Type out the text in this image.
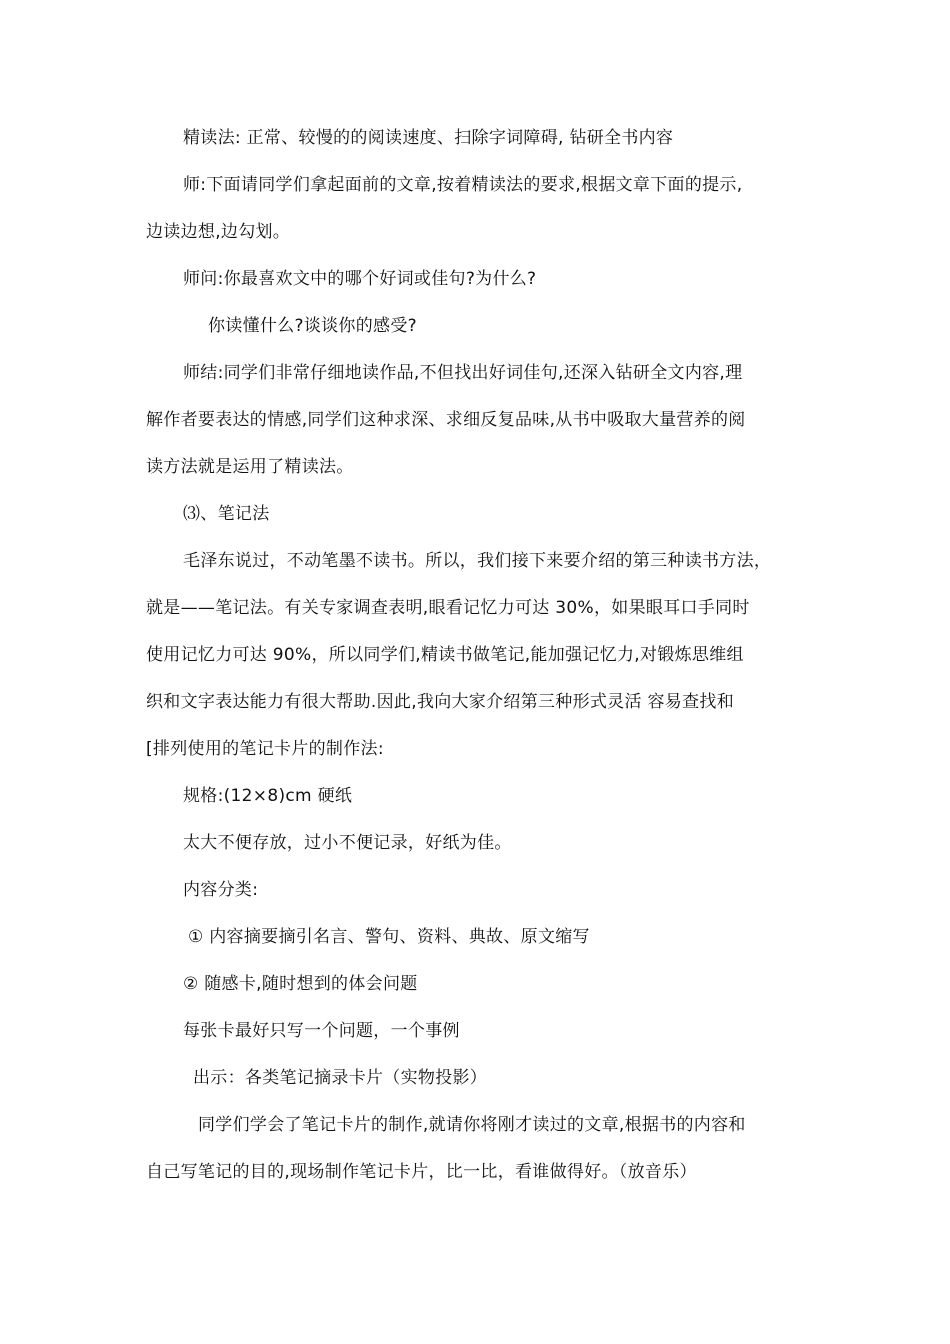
精读法: 正常、较慢的的阅读速度、扫除字词障碍, 钻研全书内容
师:下面请同学们拿起面前的文章,按着精读法的要求,根据文章下面的提示,
边读边想,边勾划。
师问:你最喜欢文中的哪个好词或佳句?为什么?
你读懂什么?谈谈你的感受?
师结:同学们非常仔细地读作品,不但找出好词佳句,还深入钻研全文内容,理
解作者要表达的情感,同学们这种求深、求细反复品味,从书中吸取大量营养的阅
读方法就是运用了精读法。
⑶、笔记法
毛泽东说过，不动笔墨不读书。所以，我们接下来要介绍的第三种读书方法，
就是——笔记法。有关专家调查表明,眼看记忆力可达 30%，如果眼耳口手同时
使用记忆力可达 90%，所以同学们,精读书做笔记,能加强记忆力,对锻炼思维组
织和文字表达能力有很大帮助.因此,我向大家介绍第三种形式灵活 容易查找和
[排列使用的笔记卡片的制作法:
规格:(12×8)cm 硬纸
太大不便存放，过小不便记录，好纸为佳。
内容分类:
① 内容摘要摘引名言、警句、资料、典故、原文缩写
② 随感卡,随时想到的体会问题
每张卡最好只写一个问题，一个事例
出示：各类笔记摘录卡片（实物投影）
同学们学会了笔记卡片的制作,就请你将刚才读过的文章,根据书的内容和
自己写笔记的目的,现场制作笔记卡片，比一比，看谁做得好。（放音乐）
